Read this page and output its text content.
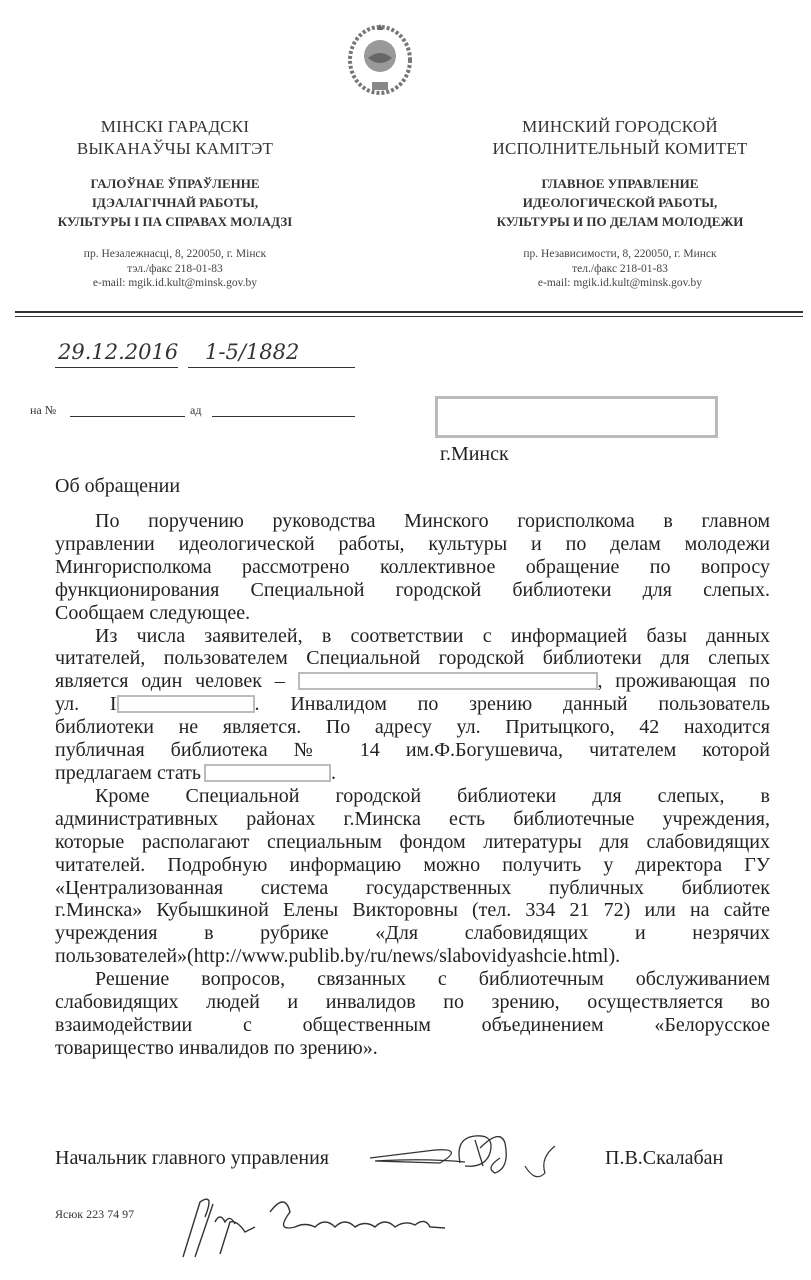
МІНСКІ ГАРАДСКІ
ВЫКАНАЎЧЫ КАМІТЭТ
ГАЛОЎНАЕ ЎПРАЎЛЕННЕ
ІДЭАЛАГІЧНАЙ РАБОТЫ,
КУЛЬТУРЫ І ПА СПРАВАХ МОЛАДЗІ
пр. Незалежнасці, 8, 220050, г. Мінск
тэл./факс 218-01-83
e-mail: mgik.id.kult@minsk.gov.by
МИНСКИЙ ГОРОДСКОЙ
ИСПОЛНИТЕЛЬНЫЙ КОМИТЕТ
ГЛАВНОЕ УПРАВЛЕНИЕ
ИДЕОЛОГИЧЕСКОЙ РАБОТЫ,
КУЛЬТУРЫ И ПО ДЕЛАМ МОЛОДЕЖИ
пр. Независимости, 8, 220050, г. Минск
тел./факс 218-01-83
e-mail: mgik.id.kult@minsk.gov.by
29.12.2016 1-5/1882
на №	ад
г.Минск
Об обращении
По поручению руководства Минского горисполкома в главном
управлении идеологической работы, культуры и по делам молодежи
Мингорисполкома рассмотрено коллективное обращение по вопросу
функционирования Специальной городской библиотеки для слепых.
Сообщаем следующее.
Из числа заявителей, в соответствии с информацией базы данных
читателей, пользователем Специальной городской библиотеки для слепых
является один человек –	, проживающая по
ул. I	. Инвалидом по зрению данный пользователь
библиотеки не является. По адресу ул. Притыцкого, 42 находится
публичная библиотека № 14 им.Ф.Богушевича, читателем которой
предлагаем стать	.
Кроме Специальной городской библиотеки для слепых, в
административных районах г.Минска есть библиотечные учреждения,
которые располагают специальным фондом литературы для слабовидящих
читателей. Подробную информацию можно получить у директора ГУ
«Централизованная система государственных публичных библиотек
г.Минска» Кубышкиной Елены Викторовны (тел. 334 21 72) или на сайте
учреждения в рубрике «Для слабовидящих и незрячих
пользователей»(http://www.publib.by/ru/news/slabovidyashcie.html).
Решение вопросов, связанных с библиотечным обслуживанием
слабовидящих людей и инвалидов по зрению, осуществляется во
взаимодействии с общественным объединением «Белорусское
товарищество инвалидов по зрению».
Начальник главного управления	П.В.Скалабан
Ясюк 223 74 97
